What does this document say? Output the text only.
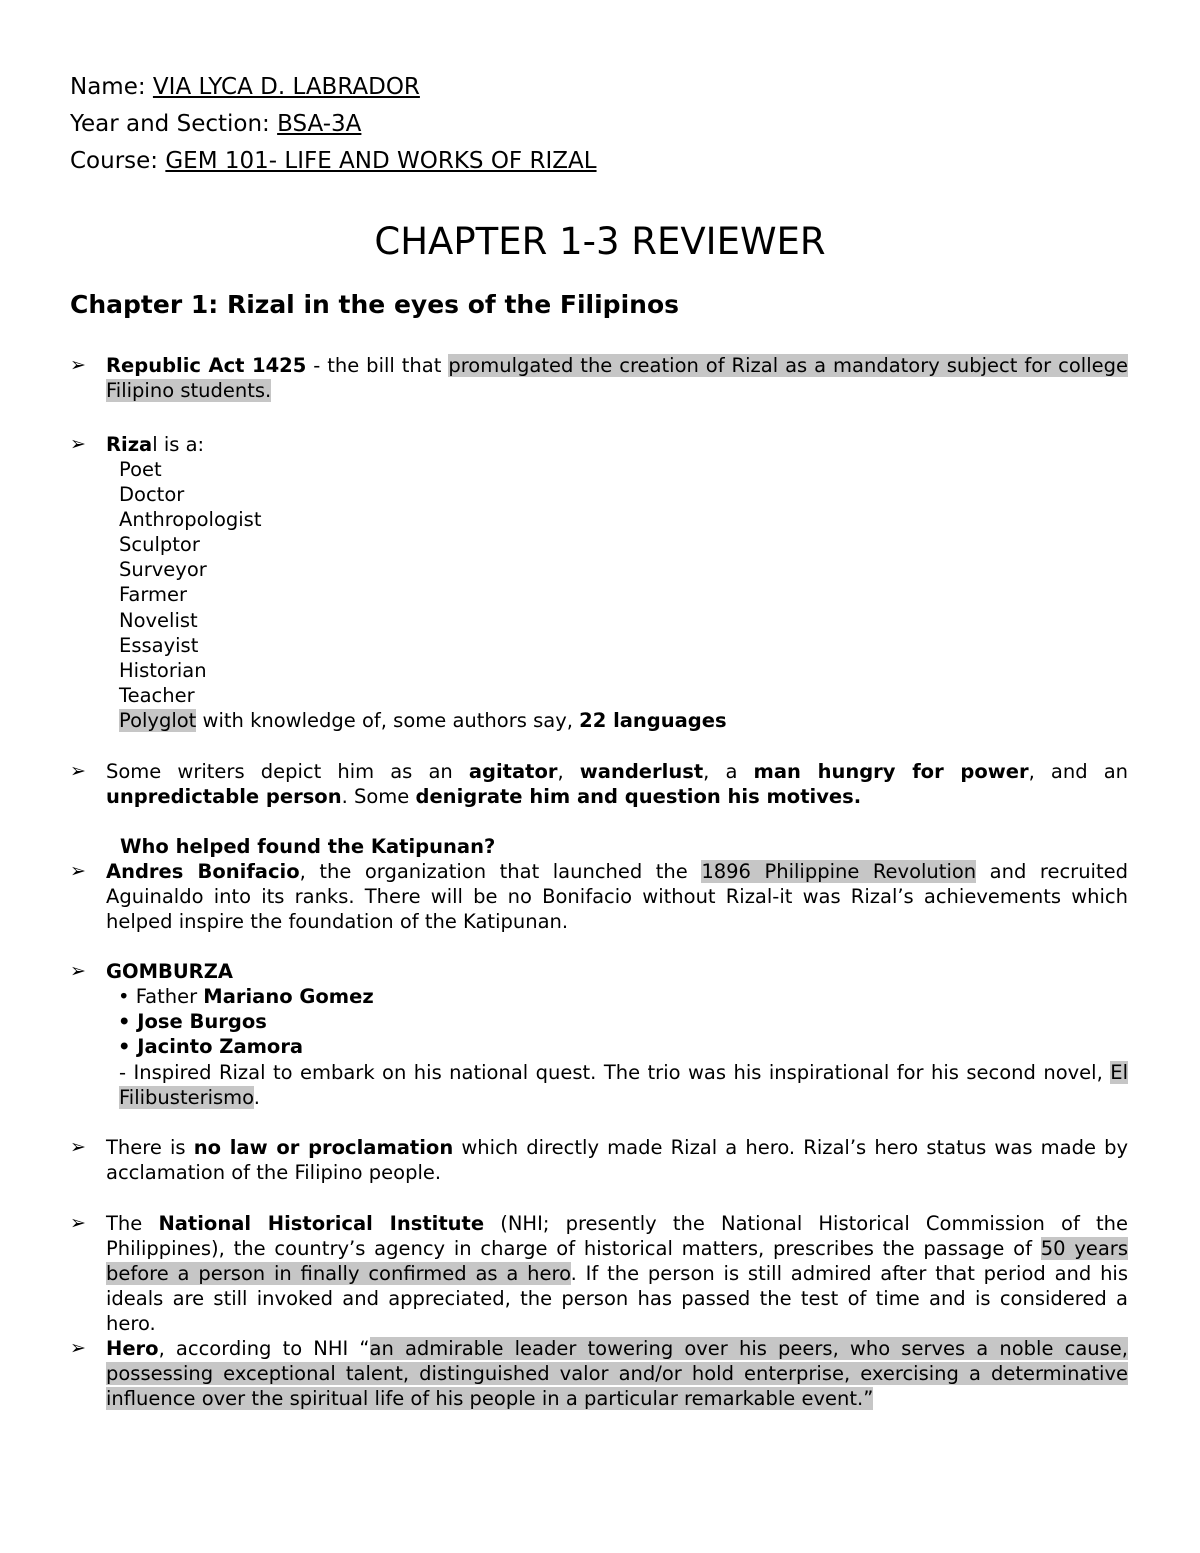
Name: VIA LYCA D. LABRADOR
Year and Section: BSA-3A
Course: GEM 101- LIFE AND WORKS OF RIZAL
CHAPTER 1-3 REVIEWER
Chapter 1: Rizal in the eyes of the Filipinos
➢ Republic Act 1425 - the bill that promulgated the creation of Rizal as a mandatory subject for college Filipino students.
➢ Rizal is a:
Poet
Doctor
Anthropologist
Sculptor
Surveyor
Farmer
Novelist
Essayist
Historian
Teacher
Polyglot with knowledge of, some authors say, 22 languages
➢ Some writers depict him as an agitator, wanderlust, a man hungry for power, and an unpredictable person. Some denigrate him and question his motives.
Who helped found the Katipunan?
➢ Andres Bonifacio, the organization that launched the 1896 Philippine Revolution and recruited Aguinaldo into its ranks. There will be no Bonifacio without Rizal-it was Rizal’s achievements which helped inspire the foundation of the Katipunan.
➢ GOMBURZA
• Father Mariano Gomez
• Jose Burgos
• Jacinto Zamora
- Inspired Rizal to embark on his national quest. The trio was his inspirational for his second novel, El Filibusterismo.
➢ There is no law or proclamation which directly made Rizal a hero. Rizal’s hero status was made by acclamation of the Filipino people.
➢ The National Historical Institute (NHI; presently the National Historical Commission of the Philippines), the country’s agency in charge of historical matters, prescribes the passage of 50 years before a person in finally confirmed as a hero. If the person is still admired after that period and his ideals are still invoked and appreciated, the person has passed the test of time and is considered a hero.
➢ Hero, according to NHI “an admirable leader towering over his peers, who serves a noble cause, possessing exceptional talent, distinguished valor and/or hold enterprise, exercising a determinative influence over the spiritual life of his people in a particular remarkable event.”
